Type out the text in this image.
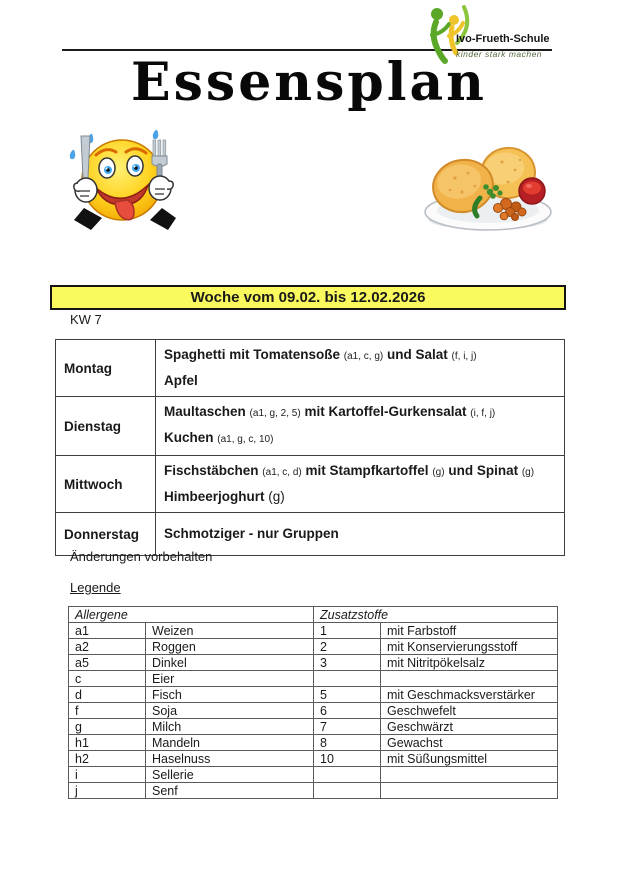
Ivo-Frueth-Schule
kinder stark machen
Essensplan
Woche vom 09.02. bis 12.02.2026
KW 7
Montag	Spaghetti mit Tomatensoße (a1, c, g) und Salat (f, i, j)
Apfel

Dienstag	Maultaschen (a1, g, 2, 5) mit Kartoffel-Gurkensalat (i, f, j)
Kuchen (a1, g, c, 10)

Mittwoch	Fischstäbchen (a1, c, d) mit Stampfkartoffel (g) und Spinat (g)
Himbeerjoghurt (g)

Donnerstag	Schmotziger - nur Gruppen
Änderungen vorbehalten
Legende
Allergene		Zusatzstoffe	
a1	Weizen	1	mit Farbstoff
a2	Roggen	2	mit Konservierungsstoff
a5	Dinkel	3	mit Nitritpökelsalz
c	Eier		
d	Fisch	5	mit Geschmacksverstärker
f	Soja	6	Geschwefelt
g	Milch	7	Geschwärzt
h1	Mandeln	8	Gewachst
h2	Haselnuss	10	mit Süßungsmittel
i	Sellerie		
j	Senf		
